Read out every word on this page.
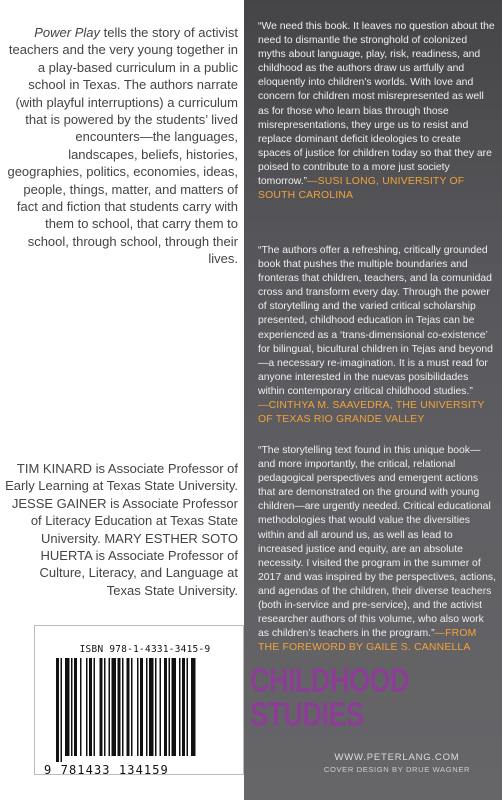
Power Play tells the story of activist teachers and the very young together in a play-based curriculum in a public school in Texas. The authors narrate (with playful interruptions) a curriculum that is powered by the students’ lived encounters—the languages, landscapes, beliefs, histories, geographies, politics, economies, ideas, people, things, matter, and matters of fact and fiction that students carry with them to school, that carry them to school, through school, through their lives.

TIM KINARD is Associate Professor of Early Learning at Texas State University. JESSE GAINER is Associate Professor of Literacy Education at Texas State University. MARY ESTHER SOTO HUERTA is Associate Professor of Culture, Literacy, and Language at Texas State University.

ISBN 978-1-4331-3415-9
9 781433 134159
“We need this book. It leaves no question about the need to dismantle the stronghold of colonized myths about language, play, risk, readiness, and childhood as the authors draw us artfully and eloquently into children’s worlds. With love and concern for children most misrepresented as well as for those who learn bias through those misrepresentations, they urge us to resist and replace dominant deficit ideologies to create spaces of justice for children today so that they are poised to contribute to a more just society tomorrow.”—SUSI LONG, UNIVERSITY OF SOUTH CAROLINA
“The authors offer a refreshing, critically grounded book that pushes the multiple boundaries and fronteras that children, teachers, and la comunidad cross and transform every day. Through the power of storytelling and the varied critical scholarship presented, childhood education in Tejas can be experienced as a ‘trans-dimensional co-existence’ for bilingual, bicultural children in Tejas and beyond—a necessary re-imagination. It is a must read for anyone interested in the nuevas posibilidades within contemporary critical childhood studies.”
—CINTHYA M. SAAVEDRA, THE UNIVERSITY OF TEXAS RIO GRANDE VALLEY
“The storytelling text found in this unique book—and more importantly, the critical, relational pedagogical perspectives and emergent actions that are demonstrated on the ground with young children—are urgently needed. Critical educational methodologies that would value the diversities within and all around us, as well as lead to increased justice and equity, are an absolute necessity. I visited the program in the summer of 2017 and was inspired by the perspectives, actions, and agendas of the children, their diverse teachers (both in-service and pre-service), and the activist researcher authors of this volume, who also work as children’s teachers in the program.”—FROM THE FOREWORD BY GAILE S. CANNELLA
CHILDHOOD STUDIES
WWW.PETERLANG.COM
COVER DESIGN BY DRUE WAGNER
